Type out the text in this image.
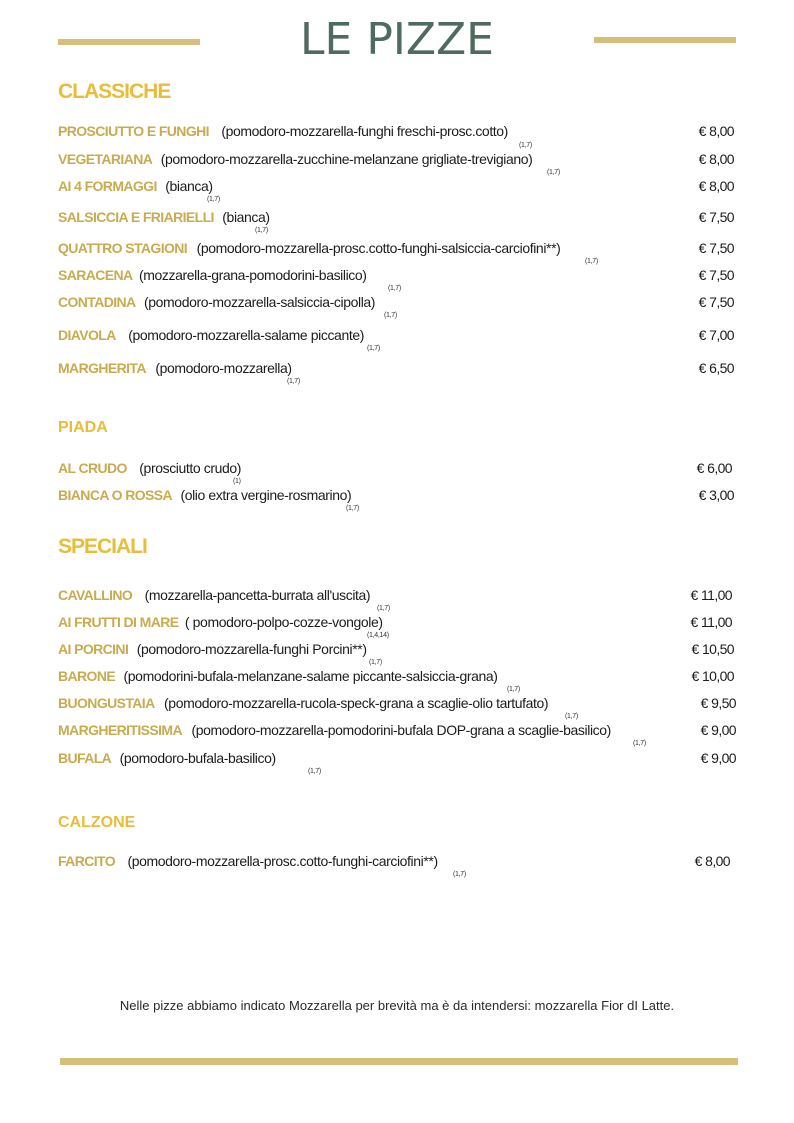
LE PIZZE
CLASSICHE
PROSCIUTTO E FUNGHI (pomodoro-mozzarella-funghi freschi-prosc.cotto)
(1,7)
€ 8,00
VEGETARIANA (pomodoro-mozzarella-zucchine-melanzane grigliate-trevigiano)
(1,7)
€ 8,00
AI 4 FORMAGGI (bianca)
(1,7)
€ 8,00
SALSICCIA E FRIARIELLI (bianca)
(1,7)
€ 7,50
QUATTRO STAGIONI (pomodoro-mozzarella-prosc.cotto-funghi-salsiccia-carciofini**)
(1,7)
€ 7,50
SARACENA (mozzarella-grana-pomodorini-basilico)
(1,7)
€ 7,50
CONTADINA (pomodoro-mozzarella-salsiccia-cipolla)
(1,7)
€ 7,50
DIAVOLA (pomodoro-mozzarella-salame piccante)
(1,7)
€ 7,00
MARGHERITA (pomodoro-mozzarella)
(1,7)
€ 6,50
PIADA
AL CRUDO (prosciutto crudo)
(1)
€ 6,00
BIANCA O ROSSA (olio extra vergine-rosmarino)
(1,7)
€ 3,00
SPECIALI
CAVALLINO (mozzarella-pancetta-burrata all'uscita)
(1,7)
€ 11,00
AI FRUTTI DI MARE ( pomodoro-polpo-cozze-vongole)
(1,4,14)
€ 11,00
AI PORCINI (pomodoro-mozzarella-funghi Porcini**)
(1,7)
€ 10,50
BARONE (pomodorini-bufala-melanzane-salame piccante-salsiccia-grana)
(1,7)
€ 10,00
BUONGUSTAIA (pomodoro-mozzarella-rucola-speck-grana a scaglie-olio tartufato)
(1,7)
€ 9,50
MARGHERITISSIMA (pomodoro-mozzarella-pomodorini-bufala DOP-grana a scaglie-basilico)
(1,7)
€ 9,00
BUFALA (pomodoro-bufala-basilico)
(1,7)
€ 9,00
CALZONE
FARCITO (pomodoro-mozzarella-prosc.cotto-funghi-carciofini**)
(1,7)
€ 8,00
Nelle pizze abbiamo indicato Mozzarella per brevità ma è da intendersi: mozzarella Fior dI Latte.
